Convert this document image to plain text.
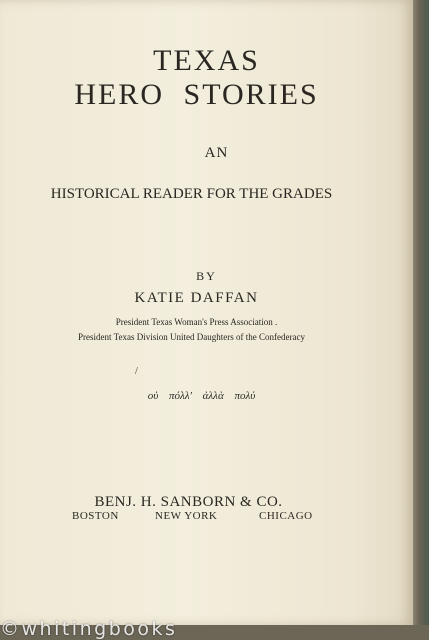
TEXAS
HERO STORIES
AN
HISTORICAL READER FOR THE GRADES
BY
KATIE DAFFAN
President Texas Woman's Press Association .
President Texas Division United Daughters of the Confederacy
/
οὐ πόλλ' ἀλλὰ πολύ
BENJ. H. SANBORN & CO.
BOSTON	NEW YORK	CHICAGO
©whitingbooks
